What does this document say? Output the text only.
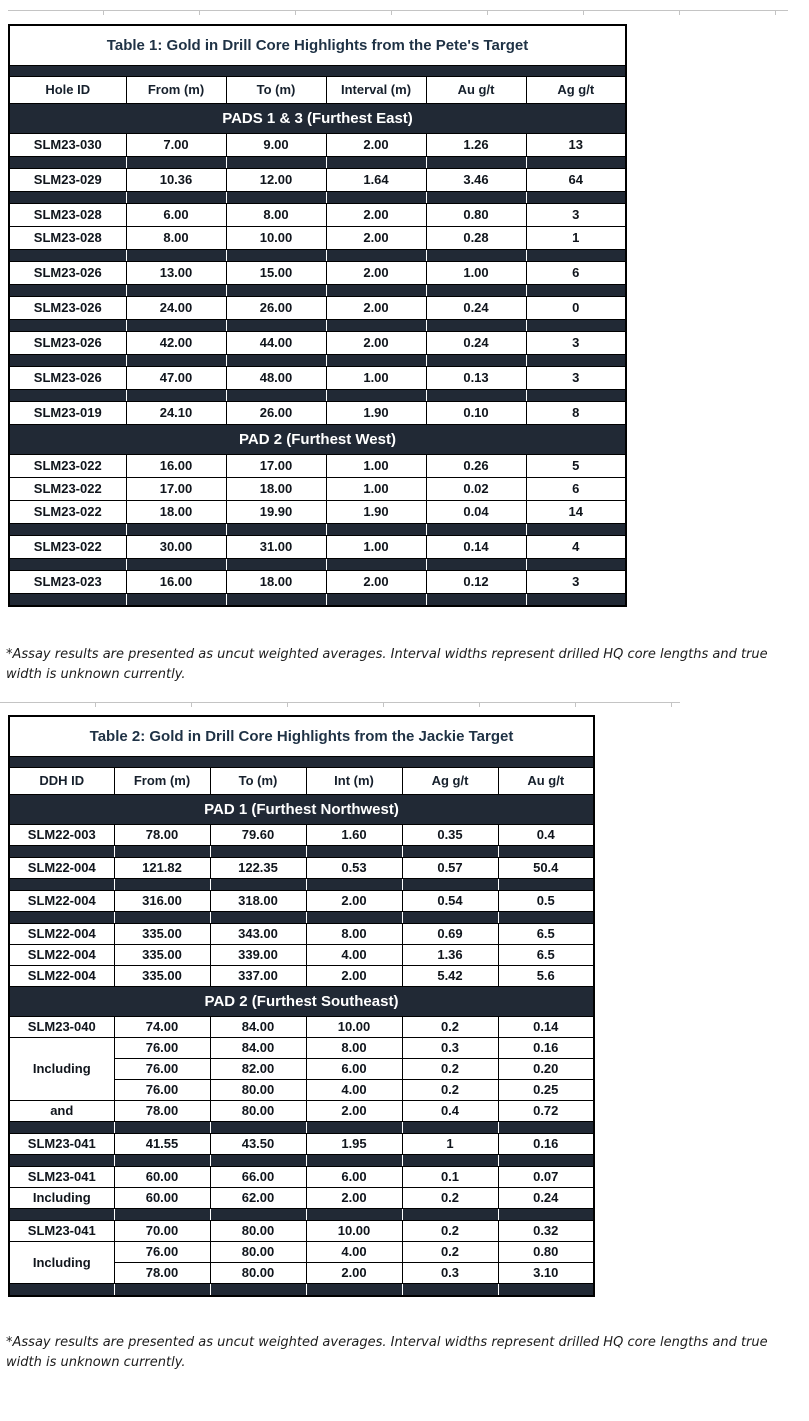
Table 1: Gold in Drill Core Highlights from the Pete's Target					

Hole ID	From (m)	To (m)	Interval (m)	Au g/t	Ag g/t
PADS 1 & 3 (Furthest East)					
SLM23-030	7.00	9.00	2.00	1.26	13

SLM23-029	10.36	12.00	1.64	3.46	64

SLM23-028	6.00	8.00	2.00	0.80	3
SLM23-028	8.00	10.00	2.00	0.28	1

SLM23-026	13.00	15.00	2.00	1.00	6

SLM23-026	24.00	26.00	2.00	0.24	0

SLM23-026	42.00	44.00	2.00	0.24	3

SLM23-026	47.00	48.00	1.00	0.13	3

SLM23-019	24.10	26.00	1.90	0.10	8
PAD 2 (Furthest West)					
SLM23-022	16.00	17.00	1.00	0.26	5
SLM23-022	17.00	18.00	1.00	0.02	6
SLM23-022	18.00	19.90	1.90	0.04	14

SLM23-022	30.00	31.00	1.00	0.14	4

SLM23-023	16.00	18.00	2.00	0.12	3

*Assay results are presented as uncut weighted averages. Interval widths represent drilled HQ core lengths and true width is unknown currently.

Table 2: Gold in Drill Core Highlights from the Jackie Target					

DDH ID	From (m)	To (m)	Int (m)	Ag g/t	Au g/t
PAD 1 (Furthest Northwest)					
SLM22-003	78.00	79.60	1.60	0.35	0.4

SLM22-004	121.82	122.35	0.53	0.57	50.4

SLM22-004	316.00	318.00	2.00	0.54	0.5

SLM22-004	335.00	343.00	8.00	0.69	6.5
SLM22-004	335.00	339.00	4.00	1.36	6.5
SLM22-004	335.00	337.00	2.00	5.42	5.6
PAD 2 (Furthest Southeast)					
SLM23-040	74.00	84.00	10.00	0.2	0.14
Including	76.00	84.00	8.00	0.3	0.16
	76.00	82.00	6.00	0.2	0.20
	76.00	80.00	4.00	0.2	0.25
and	78.00	80.00	2.00	0.4	0.72

SLM23-041	41.55	43.50	1.95	1	0.16

SLM23-041	60.00	66.00	6.00	0.1	0.07
Including	60.00	62.00	2.00	0.2	0.24

SLM23-041	70.00	80.00	10.00	0.2	0.32
Including	76.00	80.00	4.00	0.2	0.80
	78.00	80.00	2.00	0.3	3.10

*Assay results are presented as uncut weighted averages. Interval widths represent drilled HQ core lengths and true width is unknown currently.
